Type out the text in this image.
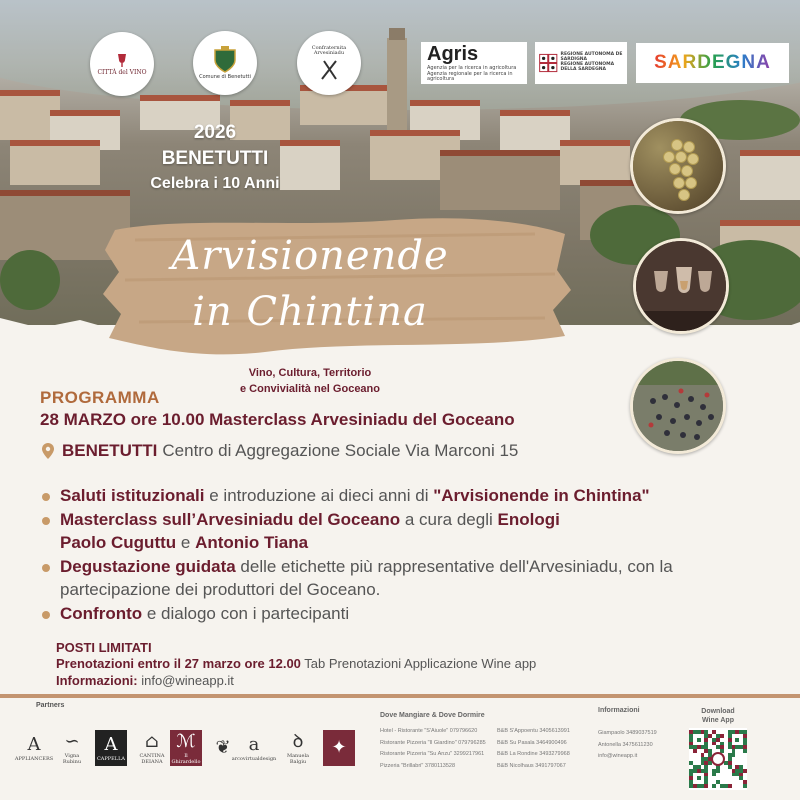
CITTÀ del VINO
Comune di Benetutti
Confraternita Arvesiniadu	Agris
Agenzia per la ricerca in agricoltura
Agenzia regionale per la ricerca in agricoltura
REGIONE AUTONOMA DE SARDIGNA
REGIONE AUTONOMA DELLA SARDEGNA	SARDEGNA
2026
BENETUTTI
Celebra i 10 Anni
Arvisionende
in Chintina
Vino, Cultura, Territorio
e Convivialità nel Goceano
PROGRAMMA
28 MARZO ore 10.00 Masterclass Arvesiniadu del Goceano
BENETUTTI Centro di Aggregazione Sociale Via Marconi 15
Saluti istituzionali e introduzione ai dieci anni di "Arvisionende in Chintina"
Masterclass sull’Arvesiniadu del Goceano a cura degli Enologi
Paolo Cuguttu e Antonio Tiana
Degustazione guidata delle etichette più rappresentative dell'Arvesiniadu, con la partecipazione dei produttori del Goceano.
Confronto e dialogo con i partecipanti
POSTI LIMITATI
Prenotazioni entro il 27 marzo ore 12.00 Tab Prenotazioni Applicazione Wine app
Informazioni: info@wineapp.it
Partners
A
APPLIANCERS
∽
Vigna Rubinu
A
CAPPELLA
⌂
CANTINA DEIANA
ℳ
Il Ghirardello
❦ a
arcovirtualdesign
ꝺ
Manuela Balgiu
✦
Dove Mangiare & Dove Dormire
Hotel - Ristorante "S'Aiuole" 079796620
Ristorante Pizzeria "Il Giardino" 079796285
Ristorante Pizzeria "Su Anzu" 3299217961
Pizzeria "Brillabri" 3780113528
B&B S'Appoentu 3405613991
B&B Su Pasala 3464900496
B&B La Rondine 3493279968
B&B Nicolhaus 3491797067
Informazioni
Giampaolo 3489037519
Antonella 3475611230
info@wineapp.it
Download
Wine App
